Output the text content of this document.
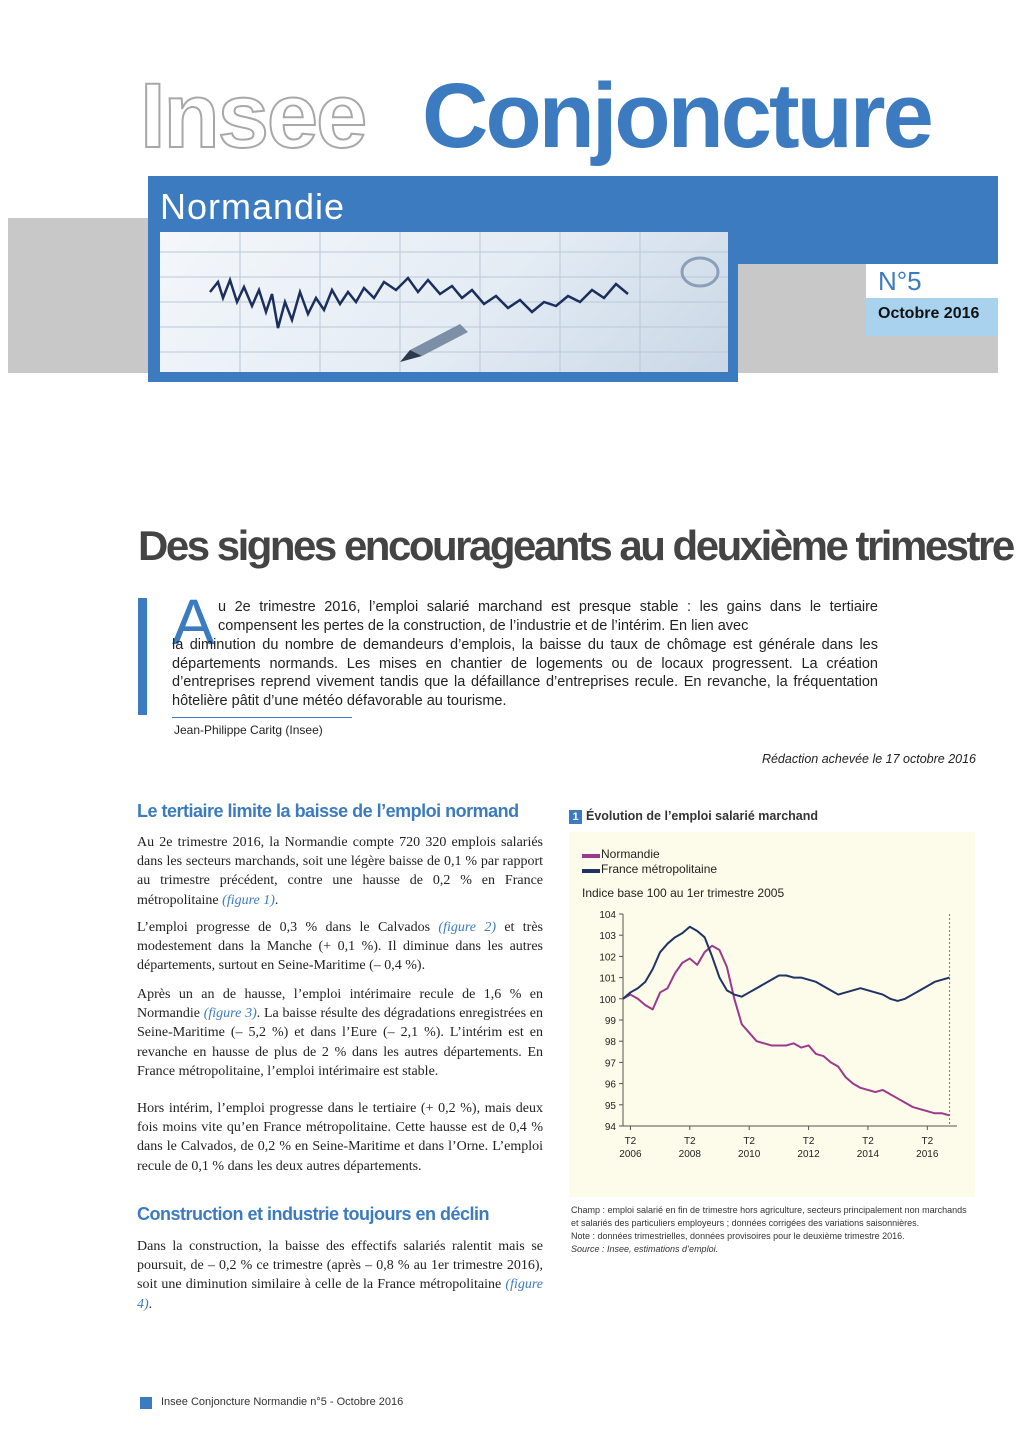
Insee Conjoncture
Normandie
N°5
Octobre 2016
Des signes encourageants au deuxième trimestre
A u 2e trimestre 2016, l’emploi salarié marchand est presque stable : les gains dans le tertiaire compensent les pertes de la construction, de l’industrie et de l’intérim. En lien avec
la diminution du nombre de demandeurs d’emplois, la baisse du taux de chômage est générale dans les départements normands. Les mises en chantier de logements ou de locaux progressent. La création d’entreprises reprend vivement tandis que la défaillance d’entreprises recule. En revanche, la fréquentation hôtelière pâtit d’une météo défavorable au tourisme.
Jean-Philippe Caritg (Insee)
Rédaction achevée le 17 octobre 2016
Le tertiaire limite la baisse de l’emploi normand

Au 2e trimestre 2016, la Normandie compte 720 320 emplois salariés dans les secteurs marchands, soit une légère baisse de 0,1 % par rapport au trimestre précédent, contre une hausse de 0,2 % en France métropolitaine (figure 1).

L’emploi progresse de 0,3 % dans le Calvados (figure 2) et très modestement dans la Manche (+ 0,1 %). Il diminue dans les autres départements, surtout en Seine-Maritime (– 0,4 %).

Après un an de hausse, l’emploi intérimaire recule de 1,6 % en Normandie (figure 3). La baisse résulte des dégradations enregistrées en Seine-Maritime (– 5,2 %) et dans l’Eure (– 2,1 %). L’intérim est en revanche en hausse de plus de 2 % dans les autres départements. En France métropolitaine, l’emploi intérimaire est stable.

Hors intérim, l’emploi progresse dans le tertiaire (+ 0,2 %), mais deux fois moins vite qu’en France métropolitaine. Cette hausse est de 0,4 % dans le Calvados, de 0,2 % en Seine-Maritime et dans l’Orne. L’emploi recule de 0,1 % dans les deux autres départements.

Construction et industrie toujours en déclin

Dans la construction, la baisse des effectifs salariés ralentit mais se poursuit, de – 0,2 % ce trimestre (après – 0,8 % au 1er trimestre 2016), soit une diminution similaire à celle de la France métropolitaine (figure 4).

1 Évolution de l’emploi salarié marchand
Normandie
France métropolitaine
Indice base 100 au 1er trimestre 2005
94
95
96
97
98
99
100
101
102
103
104
T2
2006
T2
2008
T2
2010
T2
2012
T2
2014
T2
2016

Champ : emploi salarié en fin de trimestre hors agriculture, secteurs principalement non marchands et salariés des particuliers employeurs ; données corrigées des variations saisonnières.

Note : données trimestrielles, données provisoires pour le deuxième trimestre 2016.

Source : Insee, estimations d’emploi.

Insee Conjoncture Normandie n°5 - Octobre 2016
